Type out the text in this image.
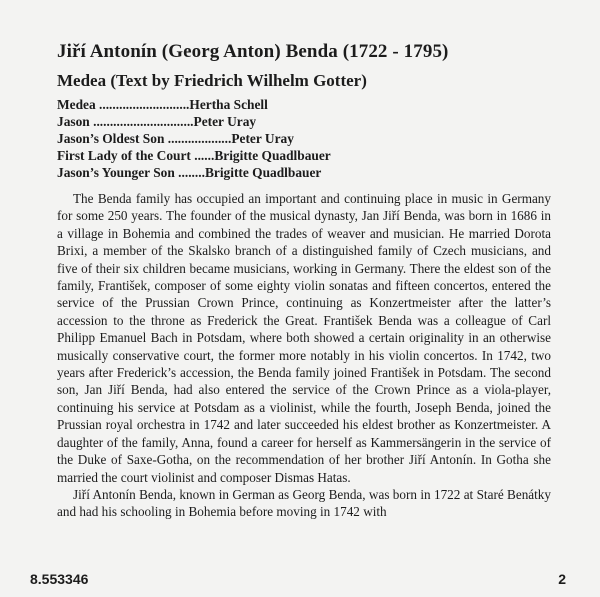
Jiří Antonín (Georg Anton) Benda (1722 - 1795)
Medea (Text by Friedrich Wilhelm Gotter)
Medea ...........................Hertha Schell
Jason ..............................Peter Uray
Jason’s Oldest Son ...................Peter Uray
First Lady of the Court ......Brigitte Quadlbauer
Jason’s Younger Son ........Brigitte Quadlbauer

The Benda family has occupied an important and continuing place in music in Germany for some 250 years. The founder of the musical dynasty, Jan Jiří Benda, was born in 1686 in a village in Bohemia and combined the trades of weaver and musician. He married Dorota Brixi, a member of the Skalsko branch of a distinguished family of Czech musicians, and five of their six children became musicians, working in Germany. There the eldest son of the family, František, composer of some eighty violin sonatas and fifteen concertos, entered the service of the Prussian Crown Prince, continuing as Konzertmeister after the latter’s accession to the throne as Frederick the Great. František Benda was a colleague of Carl Philipp Emanuel Bach in Potsdam, where both showed a certain originality in an otherwise musically conservative court, the former more notably in his violin concertos. In 1742, two years after Frederick’s accession, the Benda family joined František in Potsdam. The second son, Jan Jiří Benda, had also entered the service of the Crown Prince as a viola-player, continuing his service at Potsdam as a violinist, while the fourth, Joseph Benda, joined the Prussian royal orchestra in 1742 and later succeeded his eldest brother as Konzertmeister. A daughter of the family, Anna, found a career for herself as Kammersängerin in the service of the Duke of Saxe-Gotha, on the recommendation of her brother Jiří Antonín. In Gotha she married the court violinist and composer Dismas Hatas.

Jiří Antonín Benda, known in German as Georg Benda, was born in 1722 at Staré Benátky and had his schooling in Bohemia before moving in 1742 with

8.553346	2
